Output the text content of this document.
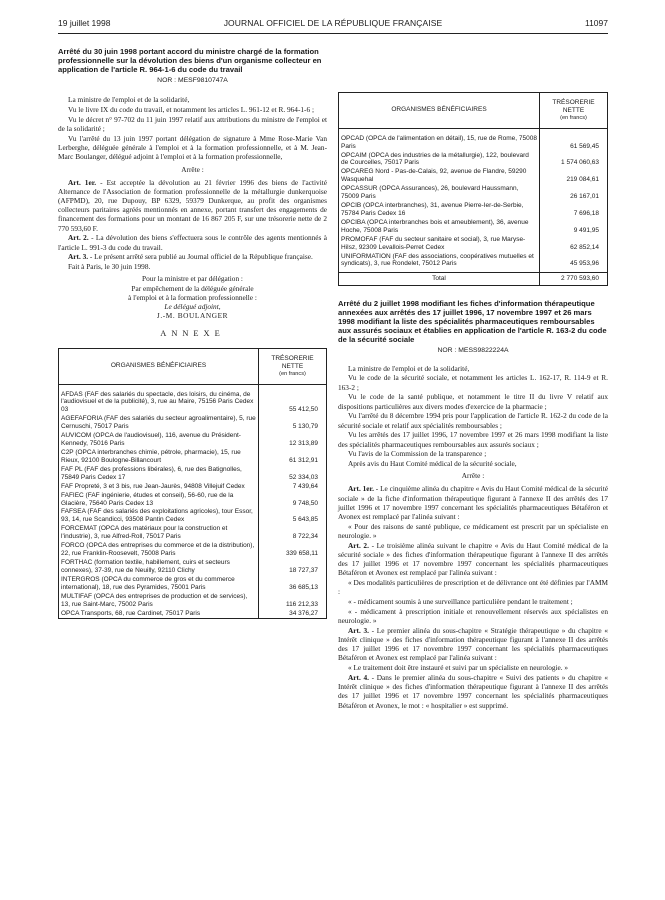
19 juillet 1998	JOURNAL OFFICIEL DE LA RÉPUBLIQUE FRANÇAISE	11097
Arrêté du 30 juin 1998 portant accord du ministre chargé de la formation professionnelle sur la dévolution des biens d'un organisme collecteur en application de l'article R. 964-1-6 du code du travail
NOR : MESF9810747A

La ministre de l'emploi et de la solidarité,

Vu le livre IX du code du travail, et notamment les articles L. 961-12 et R. 964-1-6 ;

Vu le décret n° 97-702 du 11 juin 1997 relatif aux attributions du ministre de l'emploi et de la solidarité ;

Vu l'arrêté du 13 juin 1997 portant délégation de signature à Mme Rose-Marie Van Lerberghe, déléguée générale à l'emploi et à la formation professionnelle, et à M. Jean-Marc Boulanger, délégué adjoint à l'emploi et à la formation professionnelle,

Arrête :

Art. 1er. - Est acceptée la dévolution au 21 février 1996 des biens de l'activité Alternance de l'Association de formation professionnelle de la métallurgie dunkerquoise (AFPMD), 20, rue Dupouy, BP 6329, 59379 Dunkerque, au profit des organismes collecteurs paritaires agréés mentionnés en annexe, portant transfert des engagements de financement des formations pour un montant de 16 867 205 F, sur une trésorerie nette de 2 770 593,60 F.

Art. 2. - La dévolution des biens s'effectuera sous le contrôle des agents mentionnés à l'article L. 991-3 du code du travail.

Art. 3. - Le présent arrêté sera publié au Journal officiel de la République française.

Fait à Paris, le 30 juin 1998.

Pour la ministre et par délégation :
Par empêchement de la déléguée générale
à l'emploi et à la formation professionnelle :
Le délégué adjoint,
J.-M. BOULANGER
ANNEXE
ORGANISMES BÉNÉFICIAIRES	TRÉSORERIE NETTE
(en francs)

AFDAS (FAF des salariés du spectacle, des loisirs, du cinéma, de l'audiovisuel et de la publicité), 3, rue au Maire, 75156 Paris Cedex 03	55 412,50
AGEFAFORIA (FAF des salariés du secteur agroalimentaire), 5, rue Cernuschi, 75017 Paris	5 130,79
AUVICOM (OPCA de l'audiovisuel), 116, avenue du Président-Kennedy, 75016 Paris	12 313,89
C2P (OPCA interbranches chimie, pétrole, pharmacie), 15, rue Rieux, 92100 Boulogne-Billancourt	61 312,91
FAF PL (FAF des professions libérales), 6, rue des Batignolles, 75849 Paris Cedex 17	52 334,03
FAF Propreté, 3 et 3 bis, rue Jean-Jaurès, 94808 Villejuif Cedex	7 439,64
FAFIEC (FAF ingénierie, études et conseil), 56-60, rue de la Glacière, 75640 Paris Cedex 13	9 748,50
FAFSEA (FAF des salariés des exploitations agricoles), tour Essor, 93, 14, rue Scandicci, 93508 Pantin Cedex	5 643,85
FORCEMAT (OPCA des matériaux pour la construction et l'industrie), 3, rue Alfred-Roll, 75017 Paris	8 722,34
FORCO (OPCA des entreprises du commerce et de la distribution), 22, rue Franklin-Roosevelt, 75008 Paris	339 658,11
FORTHAC (formation textile, habillement, cuirs et secteurs connexes), 37-39, rue de Neuilly, 92110 Clichy	18 727,37
INTERGROS (OPCA du commerce de gros et du commerce international), 18, rue des Pyramides, 75001 Paris	36 685,13
MULTIFAF (OPCA des entreprises de production et de services), 13, rue Saint-Marc, 75002 Paris	116 212,33
OPCA Transports, 68, rue Cardinet, 75017 Paris	34 376,27
ORGANISMES BÉNÉFICIAIRES	TRÉSORERIE NETTE
(en francs)

OPCAD (OPCA de l'alimentation en détail), 15, rue de Rome, 75008 Paris	61 569,45
OPCAIM (OPCA des industries de la métallurgie), 122, boulevard de Courcelles, 75017 Paris	1 574 060,63
OPCAREG Nord - Pas-de-Calais, 92, avenue de Flandre, 59290 Wasquehal	219 084,61
OPCASSUR (OPCA Assurances), 26, boulevard Haussmann, 75009 Paris	26 167,01
OPCIB (OPCA interbranches), 31, avenue Pierre-Ier-de-Serbie, 75784 Paris Cedex 16	7 696,18
OPCIBA (OPCA interbranches bois et ameublement), 36, avenue Hoche, 75008 Paris	9 491,95
PROMOFAF (FAF du secteur sanitaire et social), 3, rue Maryse-Hilsz, 92309 Levallois-Perret Cedex	62 852,14
UNIFORMATION (FAF des associations, coopératives mutuelles et syndicats), 3, rue Rondelet, 75012 Paris	45 953,96
Total	2 770 593,60
Arrêté du 2 juillet 1998 modifiant les fiches d'information thérapeutique annexées aux arrêtés des 17 juillet 1996, 17 novembre 1997 et 26 mars 1998 modifiant la liste des spécialités pharmaceutiques remboursables aux assurés sociaux et établies en application de l'article R. 163-2 du code de la sécurité sociale
NOR : MESS9822224A

La ministre de l'emploi et de la solidarité,

Vu le code de la sécurité sociale, et notamment les articles L. 162-17, R. 114-9 et R. 163-2 ;

Vu le code de la santé publique, et notamment le titre II du livre V relatif aux dispositions particulières aux divers modes d'exercice de la pharmacie ;

Vu l'arrêté du 8 décembre 1994 pris pour l'application de l'article R. 162-2 du code de la sécurité sociale et relatif aux spécialités remboursables ;

Vu les arrêtés des 17 juillet 1996, 17 novembre 1997 et 26 mars 1998 modifiant la liste des spécialités pharmaceutiques remboursables aux assurés sociaux ;

Vu l'avis de la Commission de la transparence ;

Après avis du Haut Comité médical de la sécurité sociale,

Arrête :

Art. 1er. - Le cinquième alinéa du chapitre « Avis du Haut Comité médical de la sécurité sociale » de la fiche d'information thérapeutique figurant à l'annexe II des arrêtés des 17 juillet 1996 et 17 novembre 1997 concernant les spécialités pharmaceutiques Bétaféron et Avonex est remplacé par l'alinéa suivant :

« Pour des raisons de santé publique, ce médicament est prescrit par un spécialiste en neurologie. »

Art. 2. - Le troisième alinéa suivant le chapitre « Avis du Haut Comité médical de la sécurité sociale » des fiches d'information thérapeutique figurant à l'annexe II des arrêtés des 17 juillet 1996 et 17 novembre 1997 concernant les spécialités pharmaceutiques Bétaféron et Avonex est remplacé par l'alinéa suivant :

« Des modalités particulières de prescription et de délivrance ont été définies par l'AMM :

« - médicament soumis à une surveillance particulière pendant le traitement ;

« - médicament à prescription initiale et renouvellement réservés aux spécialistes en neurologie. »

Art. 3. - Le premier alinéa du sous-chapitre « Stratégie thérapeutique » du chapitre « Intérêt clinique » des fiches d'information thérapeutique figurant à l'annexe II des arrêtés des 17 juillet 1996 et 17 novembre 1997 concernant les spécialités pharmaceutiques Bétaféron et Avonex est remplacé par l'alinéa suivant :

« Le traitement doit être instauré et suivi par un spécialiste en neurologie. »

Art. 4. - Dans le premier alinéa du sous-chapitre « Suivi des patients » du chapitre « Intérêt clinique » des fiches d'information thérapeutique figurant à l'annexe II des arrêtés des 17 juillet 1996 et 17 novembre 1997 concernant les spécialités pharmaceutiques Bétaféron et Avonex, le mot : « hospitalier » est supprimé.
